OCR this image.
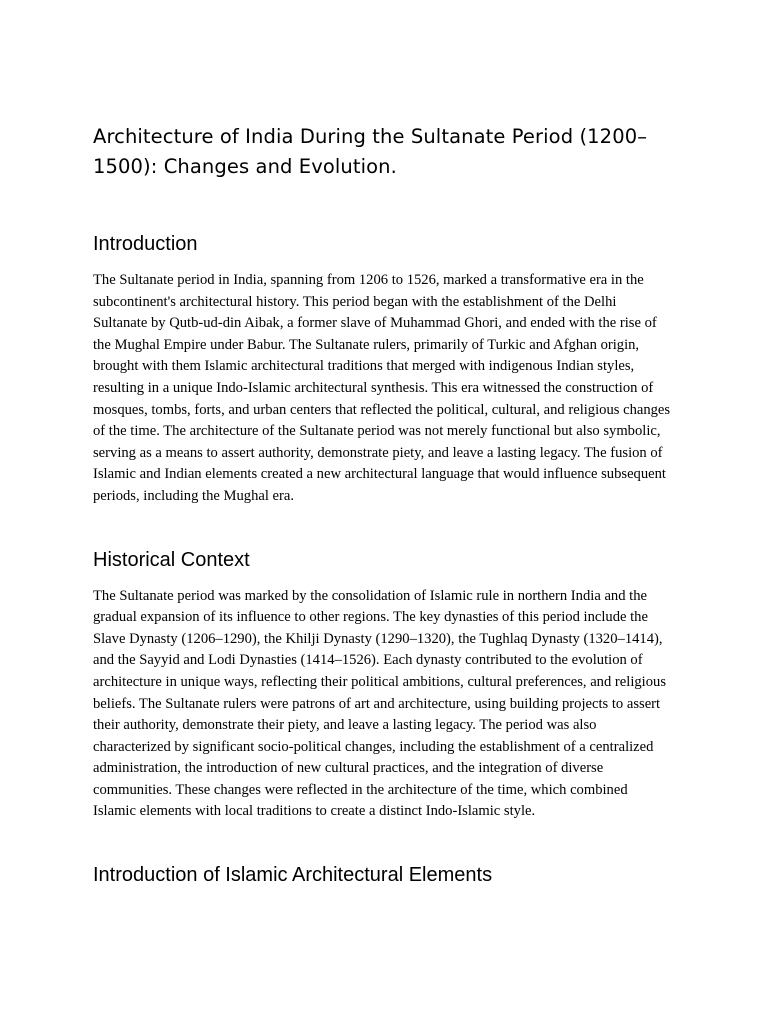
Architecture of India During the Sultanate Period (1200–1500): Changes and Evolution.
Introduction

The Sultanate period in India, spanning from 1206 to 1526, marked a transformative era in the subcontinent's architectural history. This period began with the establishment of the Delhi Sultanate by Qutb-ud-din Aibak, a former slave of Muhammad Ghori, and ended with the rise of the Mughal Empire under Babur. The Sultanate rulers, primarily of Turkic and Afghan origin, brought with them Islamic architectural traditions that merged with indigenous Indian styles, resulting in a unique Indo-Islamic architectural synthesis. This era witnessed the construction of mosques, tombs, forts, and urban centers that reflected the political, cultural, and religious changes of the time. The architecture of the Sultanate period was not merely functional but also symbolic, serving as a means to assert authority, demonstrate piety, and leave a lasting legacy. The fusion of Islamic and Indian elements created a new architectural language that would influence subsequent periods, including the Mughal era.

Historical Context

The Sultanate period was marked by the consolidation of Islamic rule in northern India and the gradual expansion of its influence to other regions. The key dynasties of this period include the Slave Dynasty (1206–1290), the Khilji Dynasty (1290–1320), the Tughlaq Dynasty (1320–1414), and the Sayyid and Lodi Dynasties (1414–1526). Each dynasty contributed to the evolution of architecture in unique ways, reflecting their political ambitions, cultural preferences, and religious beliefs. The Sultanate rulers were patrons of art and architecture, using building projects to assert their authority, demonstrate their piety, and leave a lasting legacy. The period was also characterized by significant socio-political changes, including the establishment of a centralized administration, the introduction of new cultural practices, and the integration of diverse communities. These changes were reflected in the architecture of the time, which combined Islamic elements with local traditions to create a distinct Indo-Islamic style.

Introduction of Islamic Architectural Elements
